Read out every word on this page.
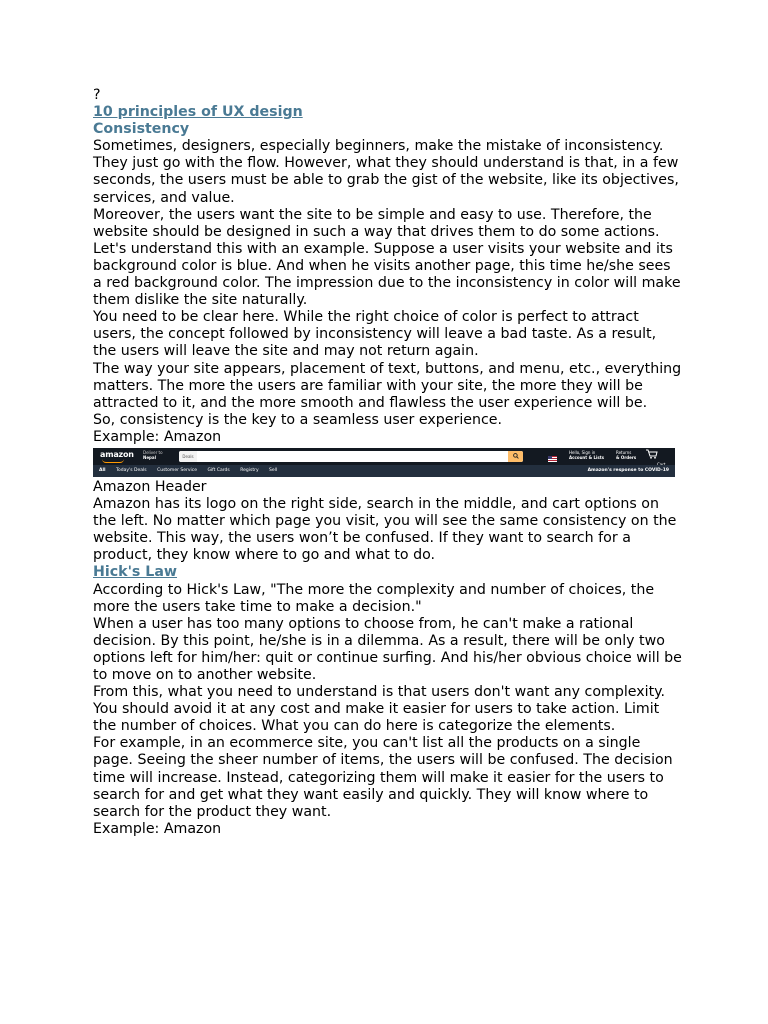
?

10 principles of UX design

Consistency

Sometimes, designers, especially beginners, make the mistake of inconsistency. They just go with the flow. However, what they should understand is that, in a few seconds, the users must be able to grab the gist of the website, like its objectives, services, and value.

Moreover, the users want the site to be simple and easy to use. Therefore, the website should be designed in such a way that drives them to do some actions.

Let's understand this with an example. Suppose a user visits your website and its background color is blue. And when he visits another page, this time he/she sees a red background color. The impression due to the inconsistency in color will make them dislike the site naturally.

You need to be clear here. While the right choice of color is perfect to attract users, the concept followed by inconsistency will leave a bad taste. As a result, the users will leave the site and may not return again.

The way your site appears, placement of text, buttons, and menu, etc., everything matters. The more the users are familiar with your site, the more they will be attracted to it, and the more smooth and flawless the user experience will be.

So, consistency is the key to a seamless user experience.

Example: Amazon

amazon Deliver to
Nepal	Deals
Hello, Sign in
Account & Lists
Returns
& Orders
All Today's Deals Customer Service Gift Cards Registry Sell	Amazon's response to COVID-19

Amazon Header

Amazon has its logo on the right side, search in the middle, and cart options on the left. No matter which page you visit, you will see the same consistency on the website. This way, the users won’t be confused. If they want to search for a product, they know where to go and what to do.

Hick's Law

According to Hick's Law, "The more the complexity and number of choices, the more the users take time to make a decision."

When a user has too many options to choose from, he can't make a rational decision. By this point, he/she is in a dilemma. As a result, there will be only two options left for him/her: quit or continue surfing. And his/her obvious choice will be to move on to another website.

From this, what you need to understand is that users don't want any complexity. You should avoid it at any cost and make it easier for users to take action. Limit the number of choices. What you can do here is categorize the elements.

For example, in an ecommerce site, you can't list all the products on a single page. Seeing the sheer number of items, the users will be confused. The decision time will increase. Instead, categorizing them will make it easier for the users to search for and get what they want easily and quickly. They will know where to search for the product they want.

Example: Amazon
